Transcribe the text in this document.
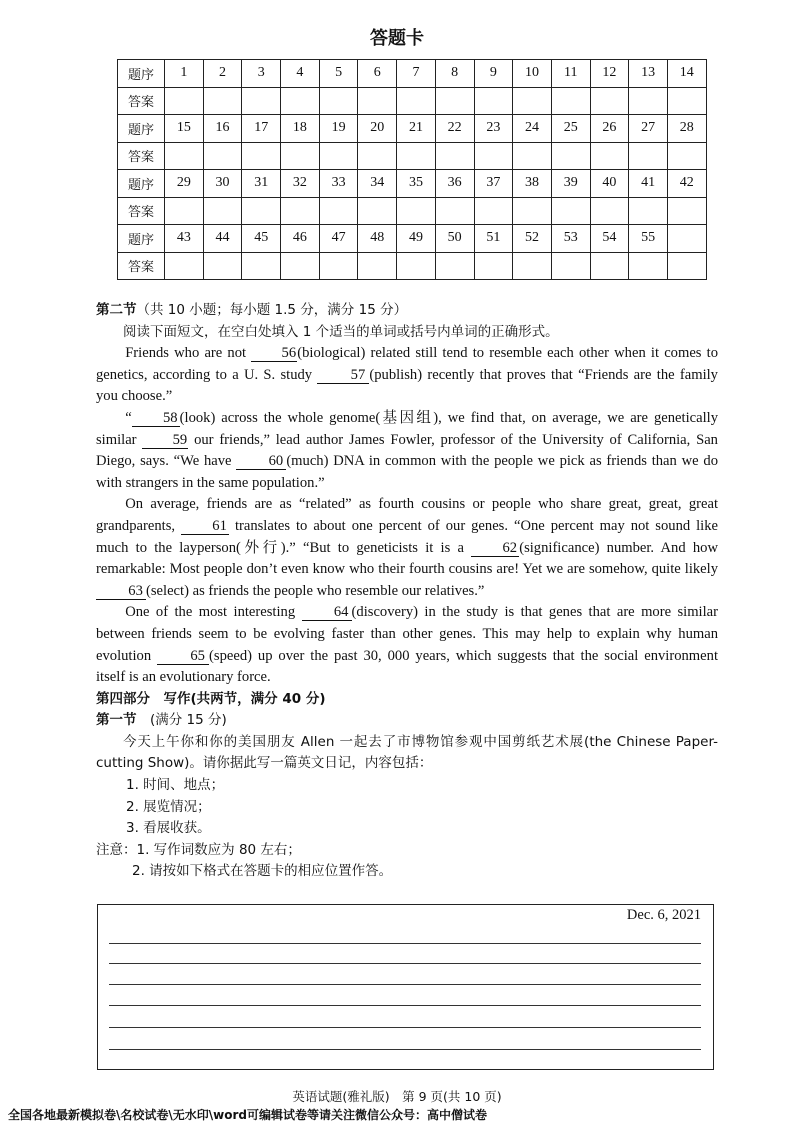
答题卡
题序	1	2	3	4	5	6	7	8	9	10	11	12	13	14
答案														
题序	15	16	17	18	19	20	21	22	23	24	25	26	27	28
答案														
题序	29	30	31	32	33	34	35	36	37	38	39	40	41	42
答案														
题序	43	44	45	46	47	48	49	50	51	52	53	54	55	
答案														

第二节（共 10 小题；每小题 1.5 分，满分 15 分）

阅读下面短文，在空白处填入 1 个适当的单词或括号内单词的正确形式。

Friends who are not 56(biological) related still tend to resemble each other when it comes to genetics, according to a U. S. study 57 (publish) recently that proves that “Friends are the family you choose.”

“ 58 (look) across the whole genome(基因组), we find that, on average, we are genetically similar 59 our friends,” lead author James Fowler, professor of the University of California, San Diego, says. “We have 60 (much) DNA in common with the people we pick as friends than we do with strangers in the same population.”

On average, friends are as “related” as fourth cousins or people who share great, great, great grandparents, 61 translates to about one percent of our genes. “One percent may not sound like much to the layperson(外行).” “But to geneticists it is a 62 (significance) number. And how remarkable: Most people don’t even know who their fourth cousins are! Yet we are somehow, quite likely 63 (select) as friends the people who resemble our relatives.”

One of the most interesting 64 (discovery) in the study is that genes that are more similar between friends seem to be evolving faster than other genes. This may help to explain why human evolution 65 (speed) up over the past 30, 000 years, which suggests that the social environment itself is an evolutionary force.

第四部分　写作(共两节，满分 40 分)

第一节　(满分 15 分)

今天上午你和你的美国朋友 Allen 一起去了市博物馆参观中国剪纸艺术展(the Chinese Paper-cutting Show)。请你据此写一篇英文日记，内容包括：

1. 时间、地点；

2. 展览情况；

3. 看展收获。

注意：1. 写作词数应为 80 左右；

2. 请按如下格式在答题卡的相应位置作答。

Dec. 6, 2021
英语试题(雅礼版)　第 9 页(共 10 页)
全国各地最新模拟卷\名校试卷\无水印\word可编辑试卷等请关注微信公众号：高中僧试卷
